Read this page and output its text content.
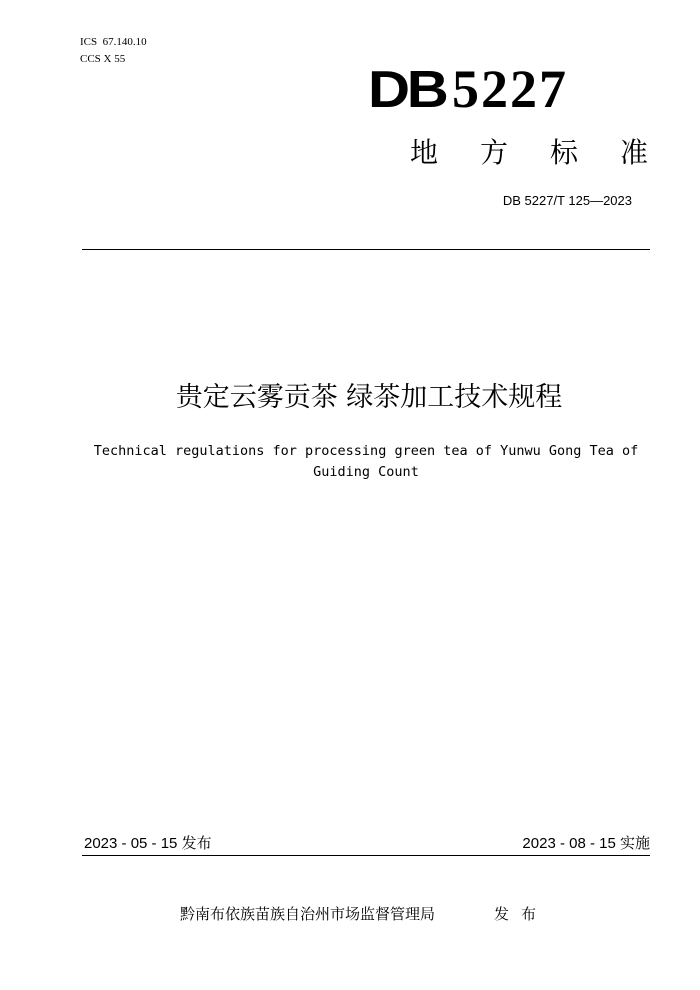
ICS  67.140.10
CCS X 55
DB 5227
地方标准
DB 5227/T 125—2023
贵定云雾贡茶 绿茶加工技术规程
Technical regulations for processing green tea of Yunwu Gong Tea of
Guiding Count
2023 - 05 - 15 发布	2023 - 08 - 15 实施
黔南布依族苗族自治州市场监督管理局	发布
